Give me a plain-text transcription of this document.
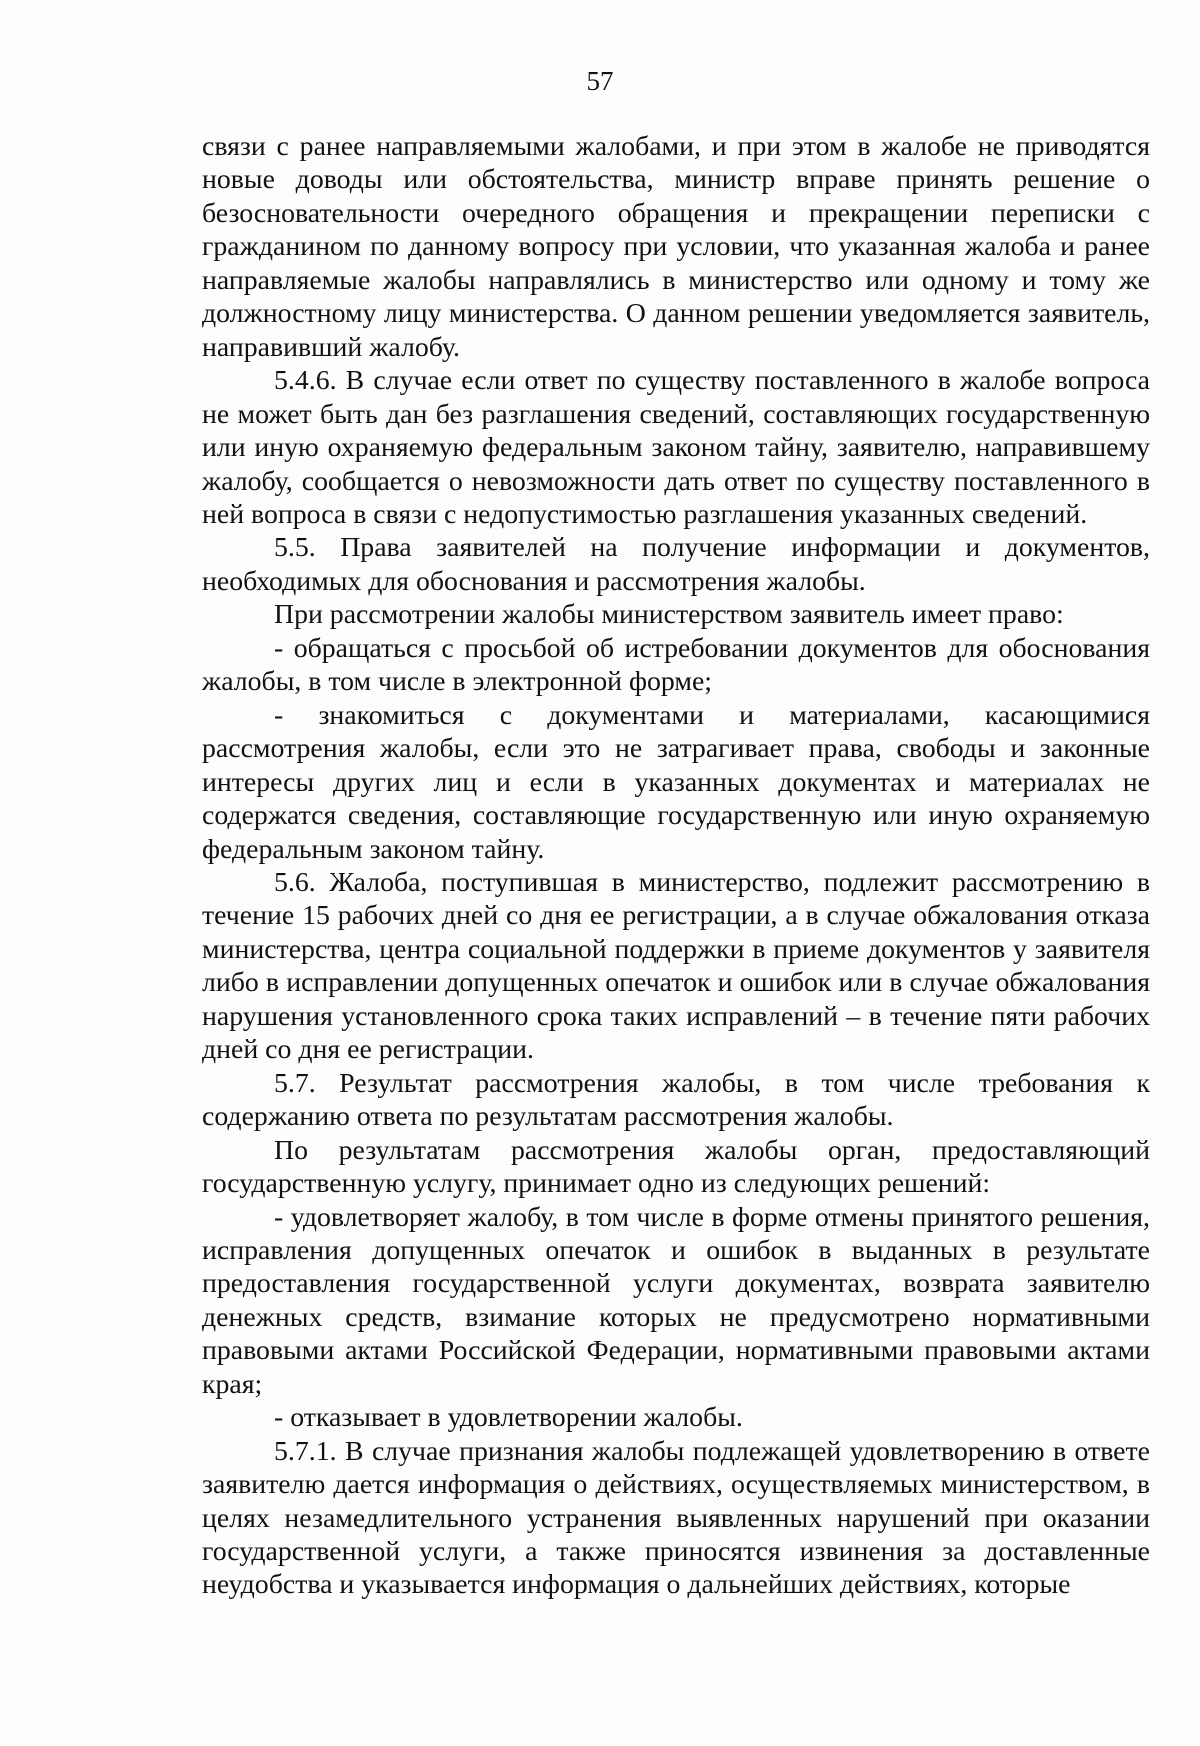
57

связи с ранее направляемыми жалобами, и при этом в жалобе не приводятся новые доводы или обстоятельства, министр вправе принять решение о безосновательности очередного обращения и прекращении переписки с гражданином по данному вопросу при условии, что указанная жалоба и ранее направляемые жалобы направлялись в министерство или одному и тому же должностному лицу министерства. О данном решении уведомляется заявитель, направивший жалобу.

5.4.6. В случае если ответ по существу поставленного в жалобе вопроса не может быть дан без разглашения сведений, составляющих государственную или иную охраняемую федеральным законом тайну, заявителю, направившему жалобу, сообщается о невозможности дать ответ по существу поставленного в ней вопроса в связи с недопустимостью разглашения указанных сведений.

5.5. Права заявителей на получение информации и документов, необходимых для обоснования и рассмотрения жалобы.

При рассмотрении жалобы министерством заявитель имеет право:

- обращаться с просьбой об истребовании документов для обоснования жалобы, в том числе в электронной форме;

- знакомиться с документами и материалами, касающимися рассмотрения жалобы, если это не затрагивает права, свободы и законные интересы других лиц и если в указанных документах и материалах не содержатся сведения, составляющие государственную или иную охраняемую федеральным законом тайну.

5.6. Жалоба, поступившая в министерство, подлежит рассмотрению в течение 15 рабочих дней со дня ее регистрации, а в случае обжалования отказа министерства, центра социальной поддержки в приеме документов у заявителя либо в исправлении допущенных опечаток и ошибок или в случае обжалования нарушения установленного срока таких исправлений – в течение пяти рабочих дней со дня ее регистрации.

5.7. Результат рассмотрения жалобы, в том числе требования к содержанию ответа по результатам рассмотрения жалобы.

По результатам рассмотрения жалобы орган, предоставляющий государственную услугу, принимает одно из следующих решений:

- удовлетворяет жалобу, в том числе в форме отмены принятого решения, исправления допущенных опечаток и ошибок в выданных в результате предоставления государственной услуги документах, возврата заявителю денежных средств, взимание которых не предусмотрено нормативными правовыми актами Российской Федерации, нормативными правовыми актами края;

- отказывает в удовлетворении жалобы.

5.7.1. В случае признания жалобы подлежащей удовлетворению в ответе заявителю дается информация о действиях, осуществляемых министерством, в целях незамедлительного устранения выявленных нарушений при оказании государственной услуги, а также приносятся извинения за доставленные неудобства и указывается информация о дальнейших действиях, которые
